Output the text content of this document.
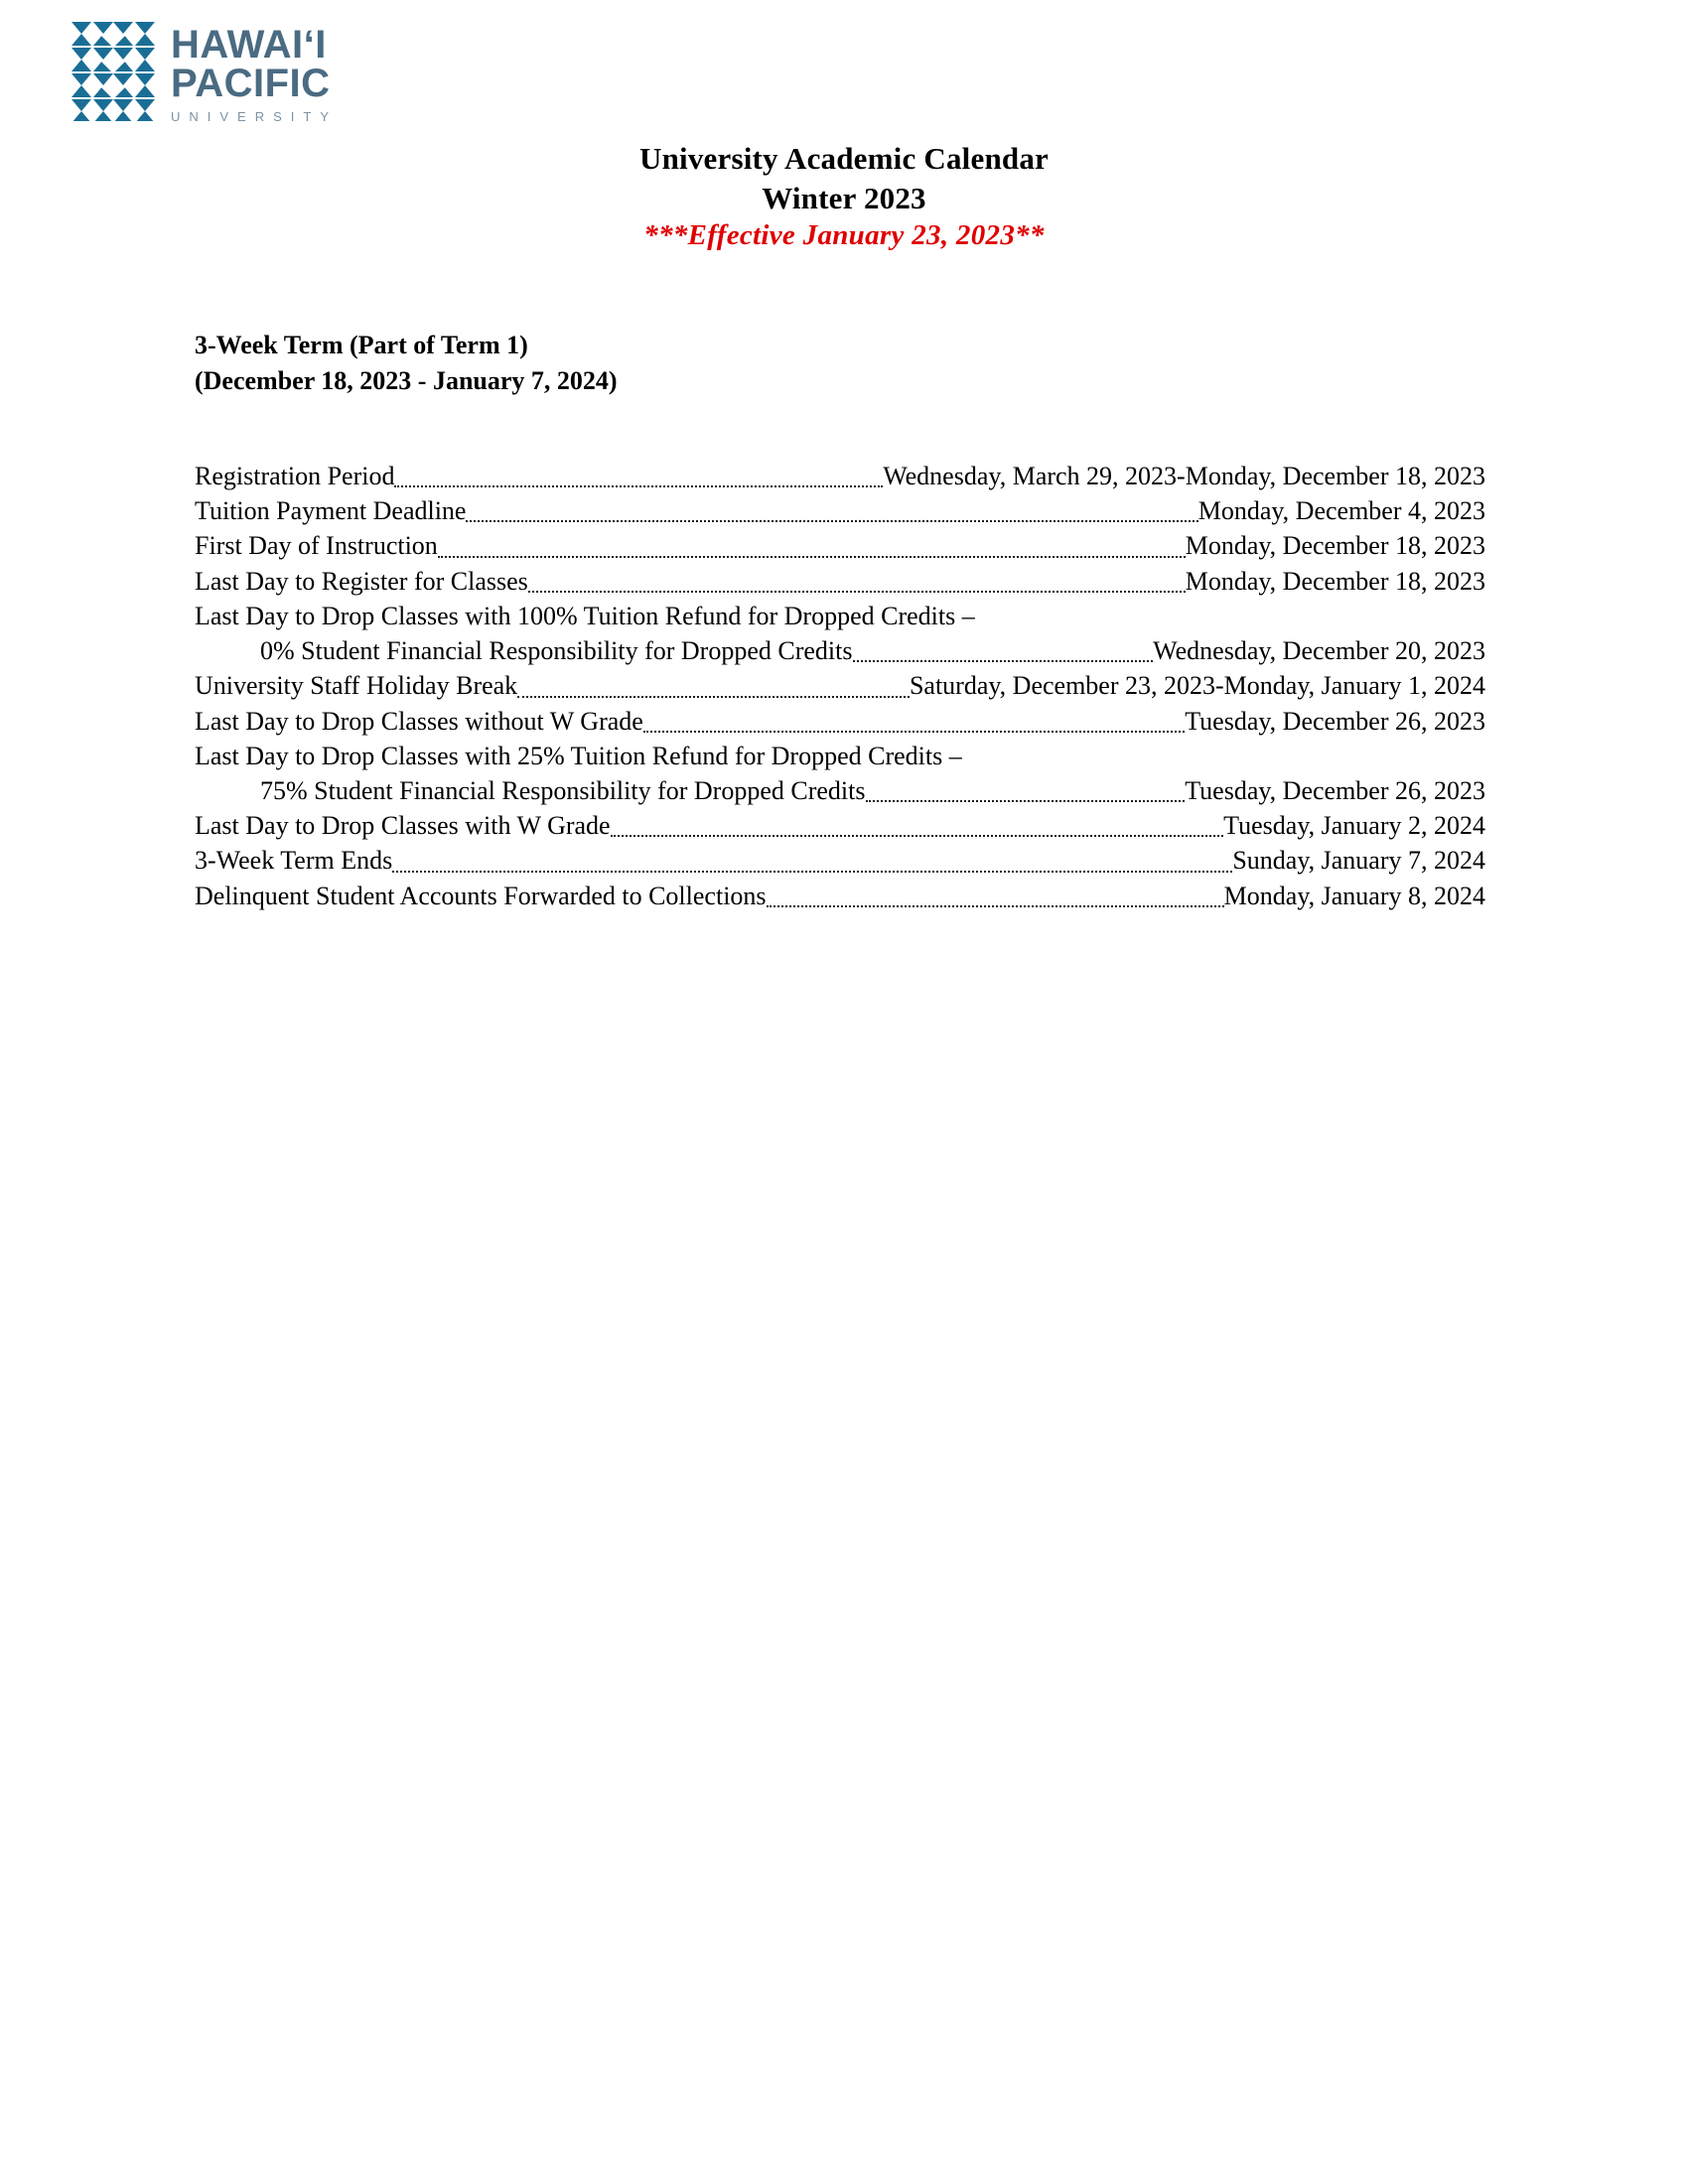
HAWAIʻI
PACIFIC
UNIVERSITY
University Academic Calendar
Winter 2023
***Effective January 23, 2023**
3-Week Term (Part of Term 1)
(December 18, 2023 - January 7, 2024)
Registration Period	Wednesday, March 29, 2023-Monday, December 18, 2023
Tuition Payment Deadline	Monday, December 4, 2023
First Day of Instruction	Monday, December 18, 2023
Last Day to Register for Classes	Monday, December 18, 2023
Last Day to Drop Classes with 100% Tuition Refund for Dropped Credits –
0% Student Financial Responsibility for Dropped Credits	Wednesday, December 20, 2023
University Staff Holiday Break	Saturday, December 23, 2023-Monday, January 1, 2024
Last Day to Drop Classes without W Grade	Tuesday, December 26, 2023
Last Day to Drop Classes with 25% Tuition Refund for Dropped Credits –
75% Student Financial Responsibility for Dropped Credits	Tuesday, December 26, 2023
Last Day to Drop Classes with W Grade	Tuesday, January 2, 2024
3-Week Term Ends	Sunday, January 7, 2024
Delinquent Student Accounts Forwarded to Collections	Monday, January 8, 2024
